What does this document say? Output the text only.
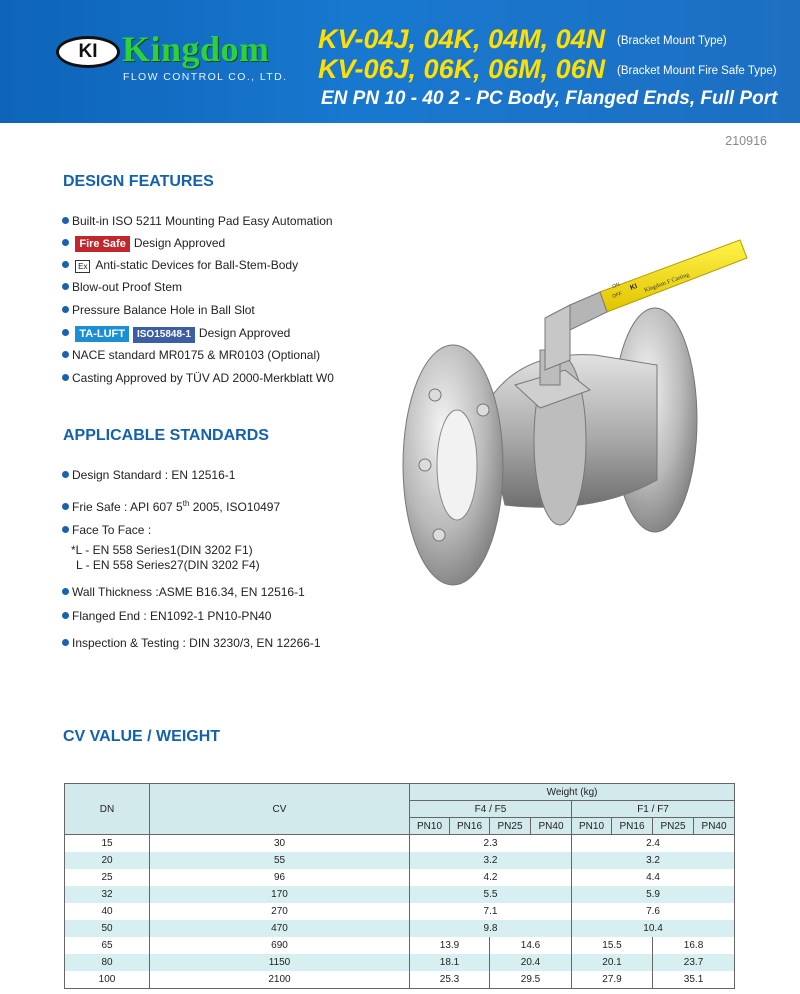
KI Kingdom
FLOW CONTROL CO., LTD.
KV-04J, 04K, 04M, 04N (Bracket Mount Type)
KV-06J, 06K, 06M, 06N (Bracket Mount Fire Safe Type)
EN PN 10 - 40 2 - PC Body, Flanged Ends, Full Port
210916
DESIGN FEATURES
Built-in ISO 5211 Mounting Pad Easy Automation
Fire Safe Design Approved
Ex Anti-static Devices for Ball-Stem-Body
Blow-out Proof Stem
Pressure Balance Hole in Ball Slot
TA-LUFT ISO15848-1 Design Approved
NACE standard MR0175 & MR0103 (Optional)
Casting Approved by TÜV AD 2000-Merkblatt W0
APPLICABLE STANDARDS
Design Standard : EN 12516-1
Frie Safe : API 607 5th 2005, ISO10497
Face To Face :
*L - EN 558 Series1(DIN 3202 F1)
L - EN 558 Series27(DIN 3202 F4)
Wall Thickness :ASME B16.34, EN 12516-1
Flanged End : EN1092-1 PN10-PN40
Inspection & Testing : DIN 3230/3, EN 12266-1
Kingdom F Casting
KI
ON
OFF
CV VALUE / WEIGHT
DN	CV	Weight (kg)							
		F4 / F5				F1 / F7			
		PN10	PN16	PN25	PN40	PN10	PN16	PN25	PN40
15	30	2.3				2.4			
20	55	3.2				3.2			
25	96	4.2				4.4			
32	170	5.5				5.9			
40	270	7.1				7.6			
50	470	9.8				10.4			
65	690	13.9		14.6		15.5		16.8	
80	1150	18.1		20.4		20.1		23.7	
100	2100	25.3		29.5		27.9		35.1	
